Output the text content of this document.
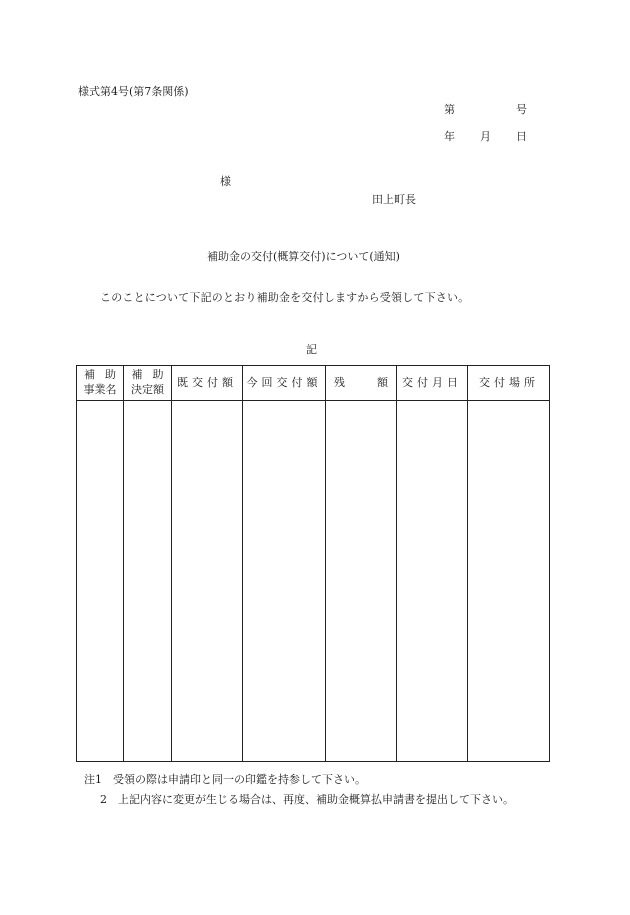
様式第4号(第7条関係)
第	号
年 月 日
様
田上町長
補助金の交付(概算交付)について(通知)
このことについて下記のとおり補助金を交付しますから受領して下さい。
記
補助
事業名
補助
決定額
既交付額 今回交付額 残	額 交付月日 交付場所
注1　受領の際は申請印と同一の印鑑を持参して下さい。
2　上記内容に変更が生じる場合は、再度、補助金概算払申請書を提出して下さい。
